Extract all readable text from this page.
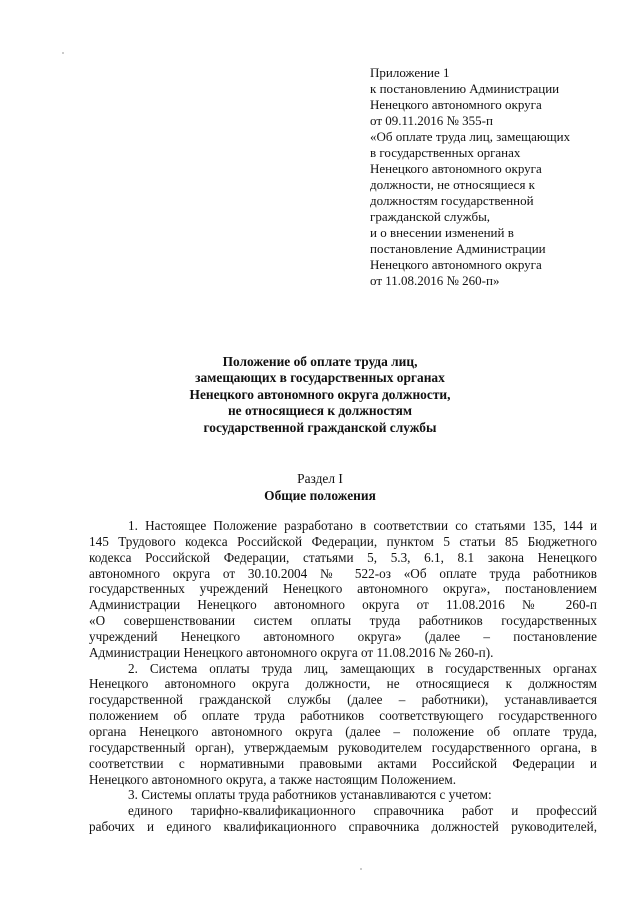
Приложение 1
к постановлению Администрации
Ненецкого автономного округа
от 09.11.2016 № 355-п
«Об оплате труда лиц, замещающих
в государственных органах
Ненецкого автономного округа
должности, не относящиеся к
должностям государственной
гражданской службы,
и о внесении изменений в
постановление Администрации
Ненецкого автономного округа
от 11.08.2016 № 260-п»
Положение об оплате труда лиц,
замещающих в государственных органах
Ненецкого автономного округа должности,
не относящиеся к должностям
государственной гражданской службы
Раздел I
Общие положения
1. Настоящее Положение разработано в соответствии со статьями 135, 144 и
145 Трудового кодекса Российской Федерации, пунктом 5 статьи 85 Бюджетного
кодекса Российской Федерации, статьями 5, 5.3, 6.1, 8.1 закона Ненецкого
автономного округа от 30.10.2004 № 522-оз «Об оплате труда работников
государственных учреждений Ненецкого автономного округа», постановлением
Администрации Ненецкого автономного округа от 11.08.2016 № 260-п
«О совершенствовании систем оплаты труда работников государственных
учреждений Ненецкого автономного округа» (далее – постановление
Администрации Ненецкого автономного округа от 11.08.2016 № 260-п).
2. Система оплаты труда лиц, замещающих в государственных органах
Ненецкого автономного округа должности, не относящиеся к должностям
государственной гражданской службы (далее – работники), устанавливается
положением об оплате труда работников соответствующего государственного
органа Ненецкого автономного округа (далее – положение об оплате труда,
государственный орган), утверждаемым руководителем государственного органа, в
соответствии с нормативными правовыми актами Российской Федерации и
Ненецкого автономного округа, а также настоящим Положением.
3. Системы оплаты труда работников устанавливаются с учетом:
единого тарифно-квалификационного справочника работ и профессий
рабочих и единого квалификационного справочника должностей руководителей,
